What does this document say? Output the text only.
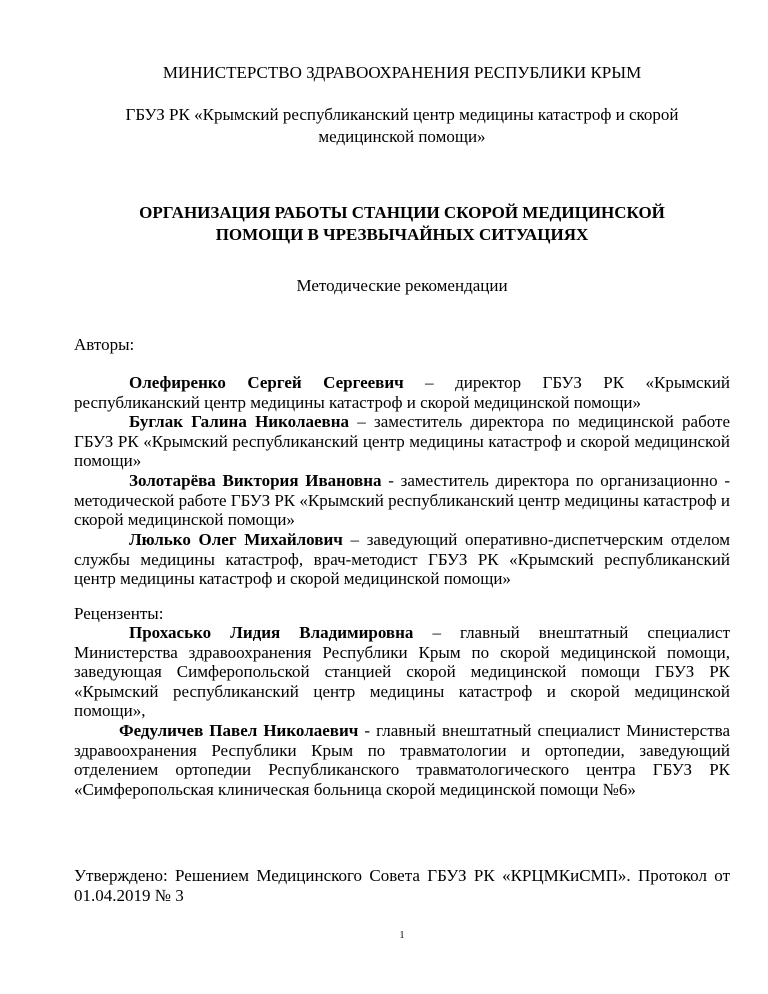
МИНИСТЕРСТВО ЗДРАВООХРАНЕНИЯ РЕСПУБЛИКИ КРЫМ
ГБУЗ РК «Крымский республиканский центр медицины катастроф и скорой
медицинской помощи»
ОРГАНИЗАЦИЯ РАБОТЫ СТАНЦИИ СКОРОЙ МЕДИЦИНСКОЙ
ПОМОЩИ В ЧРЕЗВЫЧАЙНЫХ СИТУАЦИЯХ
Методические рекомендации
Авторы:
Олефиренко Сергей Сергеевич – директор ГБУЗ РК «Крымский республиканский центр медицины катастроф и скорой медицинской помощи»
Буглак Галина Николаевна – заместитель директора по медицинской работе ГБУЗ РК «Крымский республиканский центр медицины катастроф и скорой медицинской помощи»
Золотарёва Виктория Ивановна - заместитель директора по организационно - методической работе ГБУЗ РК «Крымский республиканский центр медицины катастроф и скорой медицинской помощи»
Люлько Олег Михайлович – заведующий оперативно-диспетчерским отделом службы медицины катастроф, врач-методист ГБУЗ РК «Крымский республиканский центр медицины катастроф и скорой медицинской помощи»
Рецензенты:
Прохасько Лидия Владимировна – главный внештатный специалист Министерства здравоохранения Республики Крым по скорой медицинской помощи, заведующая Симферопольской станцией скорой медицинской помощи ГБУЗ РК «Крымский республиканский центр медицины катастроф и скорой медицинской помощи»,
Федуличев Павел Николаевич - главный внештатный специалист Министерства здравоохранения Республики Крым по травматологии и ортопедии, заведующий отделением ортопедии Республиканского травматологического центра ГБУЗ РК «Симферопольская клиническая больница скорой медицинской помощи №6»
Утверждено: Решением Медицинского Совета ГБУЗ РК «КРЦМКиСМП». Протокол от 01.04.2019 № 3
1
